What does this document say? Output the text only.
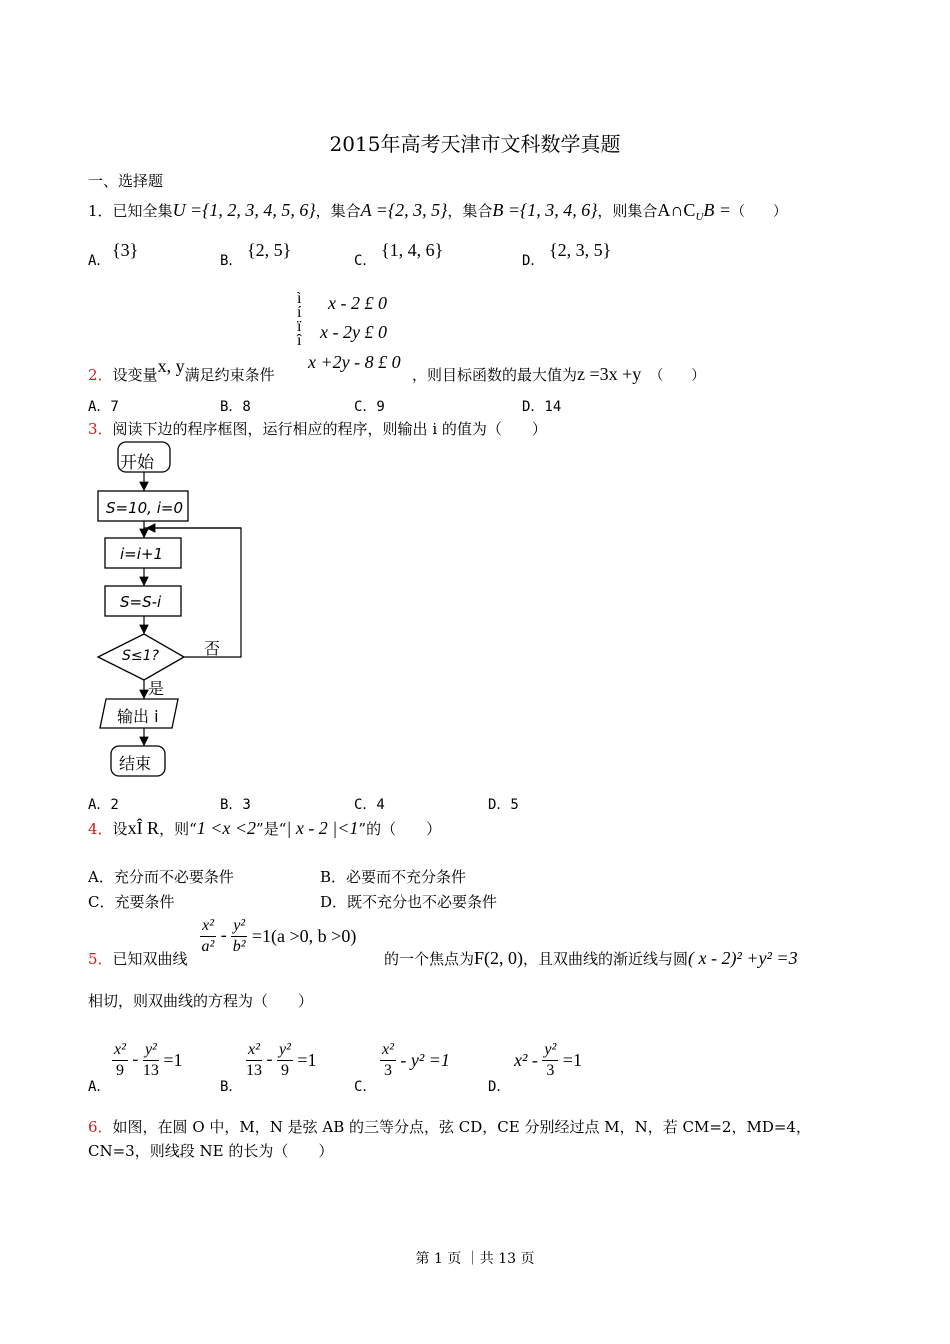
2015年高考天津市文科数学真题
一、选择题
1．已知全集U ={1, 2, 3, 4, 5, 6}，集合A ={2, 3, 5}，集合B ={1, 3, 4, 6}，则集合$A\cap C_UB$ =（　　）
A．
{3}
B．
{2, 5}
C．
{1, 4, 6}
D．
{2, 3, 5}
ì
í
ï
î
x - 2 £ 0
x - 2y £ 0
x +2y - 8 £ 0
2．设变量x, y满足约束条件	，则目标函数的最大值为z =3x +y （　　）
A．7	B．8	C．9	D．14
3．阅读下边的程序框图，运行相应的程序，则输出 i 的值为（　　）
开始
S=10, i=0
i=i+1
S=S-i
S≤1?	否
是
输出 i
结束
A．2	B．3	C．4	D．5
4．设xÎ R，则“1 <x <2”是“| x - 2 |<1”的（　　）
A．充分而不必要条件	B．必要而不充分条件
C．充要条件	D．既不充分也不必要条件
5．已知双曲线
$\frac{\text{x²}}{\text{a²}} - \frac{\text{y²}}{\text{b²}} =1(a >0$, b >0)
的一个焦点为F(2, 0)，且双曲线的渐近线与圆( x - 2)² +y² =3
相切，则双曲线的方程为（　　）
A．
$\frac{\text{x²}}{9} - \frac{\text{y²}}{13} =1$
B．
$\frac{\text{x²}}{13} - \frac{\text{y²}}{9} =1$
C．
$\frac{\text{x²}}{3} - y^2 =1$
D．
$x^2 - \frac{\text{y²}}{3} =1$
6．如图，在圆 O 中，M，N 是弦 AB 的三等分点，弦 CD，CE 分别经过点 M，N，若 CM=2，MD=4，
CN=3，则线段 NE 的长为（　　）
第 1 页 ｜共 13 页
